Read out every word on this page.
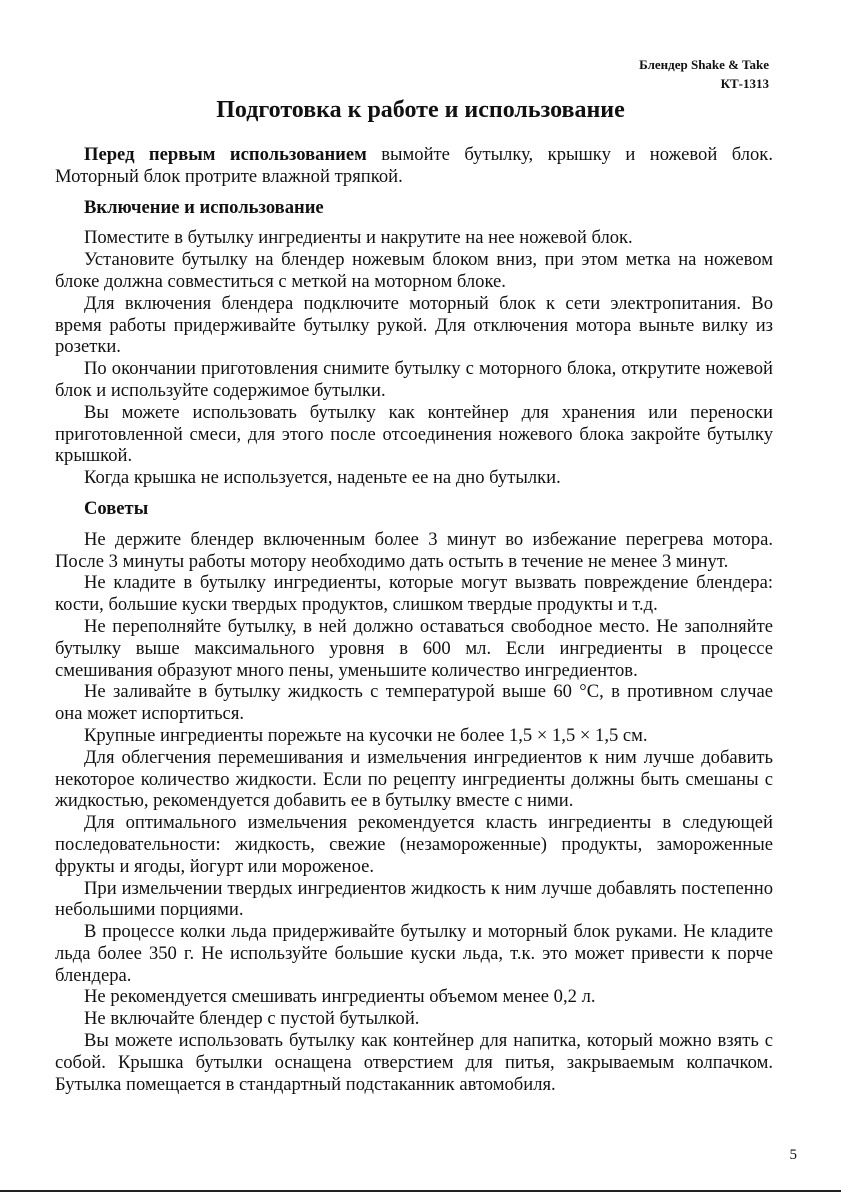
Блендер Shake & Take
КТ-1313
Подготовка к работе и использование

Перед первым использованием вымойте бутылку, крышку и ножевой блок. Моторный блок протрите влажной тряпкой.

Включение и использование

Поместите в бутылку ингредиенты и накрутите на нее ножевой блок.

Установите бутылку на блендер ножевым блоком вниз, при этом метка на ножевом блоке должна совместиться с меткой на моторном блоке.

Для включения блендера подключите моторный блок к сети электропитания. Во время работы придерживайте бутылку рукой. Для отключения мотора выньте вилку из розетки.

По окончании приготовления снимите бутылку с моторного блока, открутите ножевой блок и используйте содержимое бутылки.

Вы можете использовать бутылку как контейнер для хранения или переноски приготовленной смеси, для этого после отсоединения ножевого блока закройте бутылку крышкой.

Когда крышка не используется, наденьте ее на дно бутылки.

Советы

Не держите блендер включенным более 3 минут во избежание перегрева мотора. После 3 минуты работы мотору необходимо дать остыть в течение не менее 3 минут.

Не кладите в бутылку ингредиенты, которые могут вызвать повреждение блендера: кости, большие куски твердых продуктов, слишком твердые продукты и т.д.

Не переполняйте бутылку, в ней должно оставаться свободное место. Не заполняйте бутылку выше максимального уровня в 600 мл. Если ингредиенты в процессе смешивания образуют много пены, уменьшите количество ингредиентов.

Не заливайте в бутылку жидкость с температурой выше 60 °С, в противном случае она может испортиться.

Крупные ингредиенты порежьте на кусочки не более 1,5 × 1,5 × 1,5 см.

Для облегчения перемешивания и измельчения ингредиентов к ним лучше добавить некоторое количество жидкости. Если по рецепту ингредиенты должны быть смешаны с жидкостью, рекомендуется добавить ее в бутылку вместе с ними.

Для оптимального измельчения рекомендуется класть ингредиенты в следующей последовательности: жидкость, свежие (незамороженные) продукты, замороженные фрукты и ягоды, йогурт или мороженое.

При измельчении твердых ингредиентов жидкость к ним лучше добавлять постепенно небольшими порциями.

В процессе колки льда придерживайте бутылку и моторный блок руками. Не кладите льда более 350 г. Не используйте большие куски льда, т.к. это может привести к порче блендера.

Не рекомендуется смешивать ингредиенты объемом менее 0,2 л.

Не включайте блендер с пустой бутылкой.

Вы можете использовать бутылку как контейнер для напитка, который можно взять с собой. Крышка бутылки оснащена отверстием для питья, закрываемым колпачком. Бутылка помещается в стандартный подстаканник автомобиля.

5
